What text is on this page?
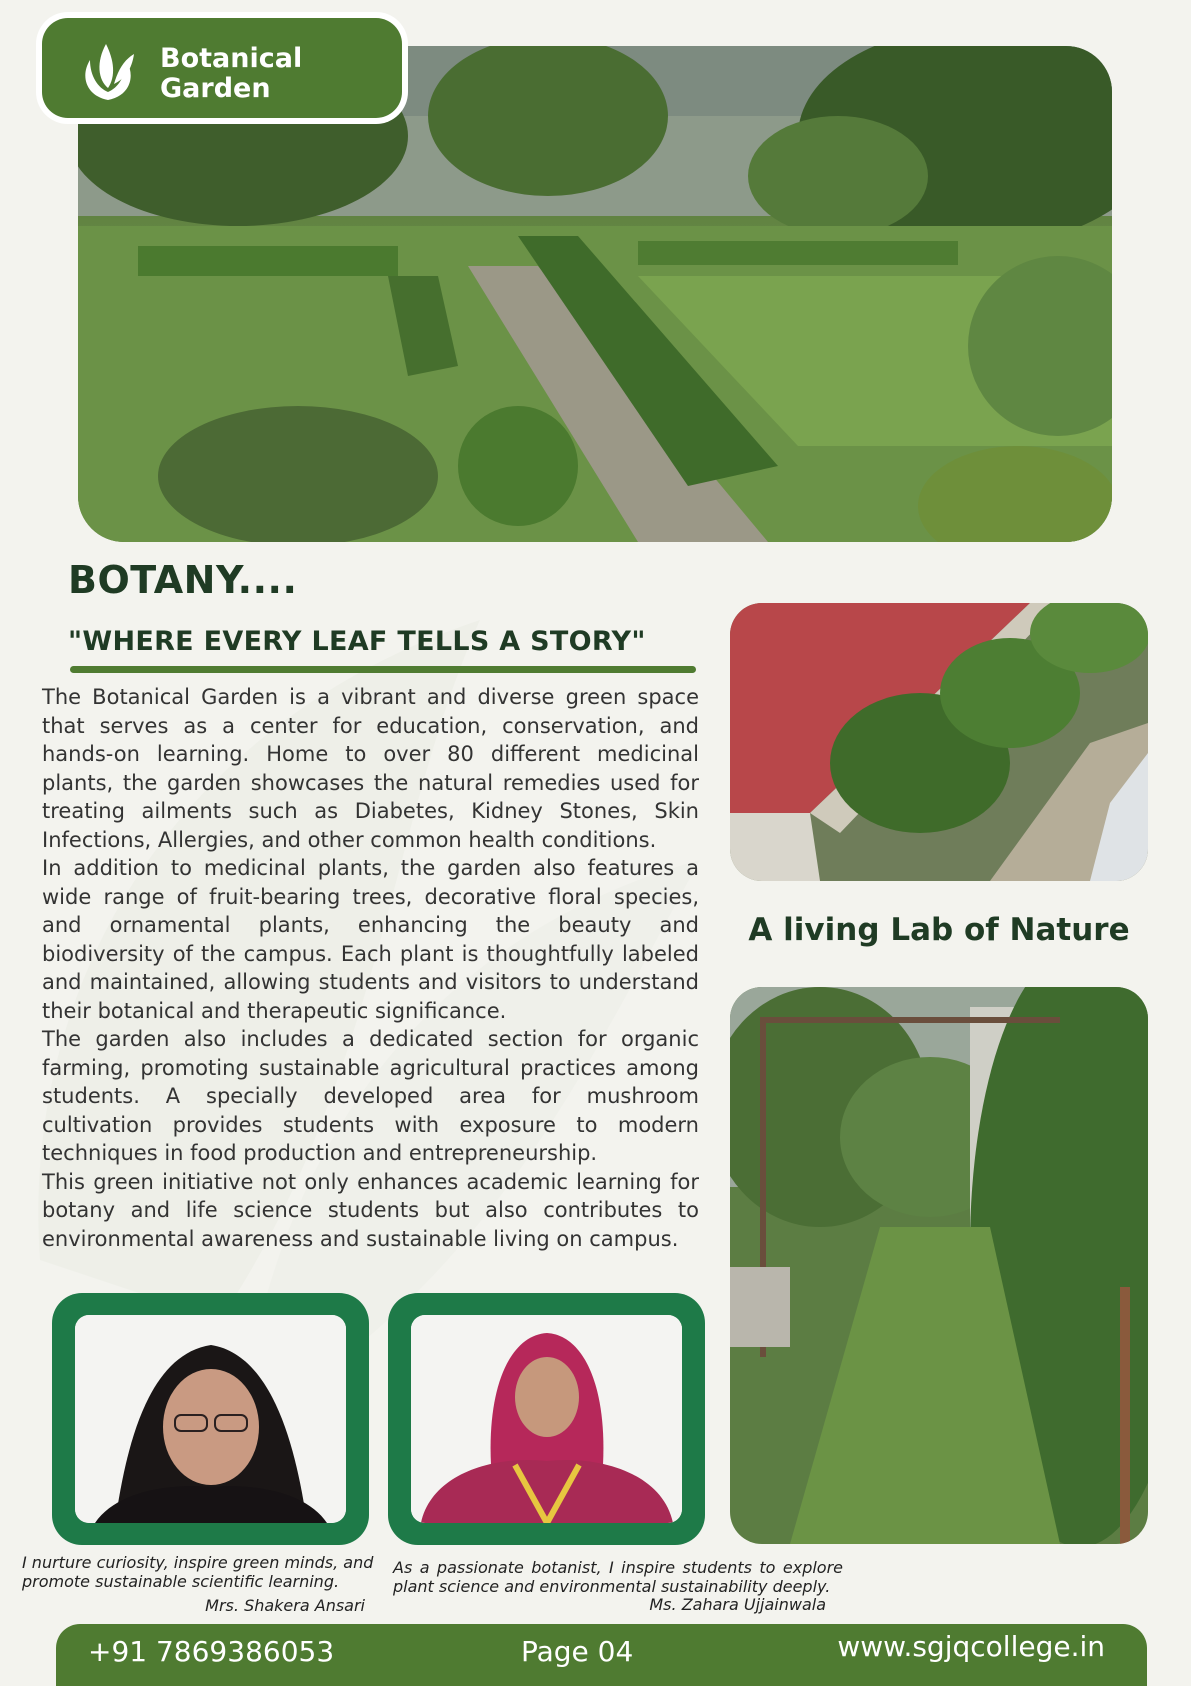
Botanical
Garden
BOTANY....
"WHERE EVERY LEAF TELLS A STORY"

The Botanical Garden is a vibrant and diverse green space that serves as a center for education, conservation, and hands-on learning. Home to over 80 different medicinal plants, the garden showcases the natural remedies used for treating ailments such as Diabetes, Kidney Stones, Skin Infections, Allergies, and other common health conditions.

In addition to medicinal plants, the garden also features a wide range of fruit-bearing trees, decorative floral species, and ornamental plants, enhancing the beauty and biodiversity of the campus. Each plant is thoughtfully labeled and maintained, allowing students and visitors to understand their botanical and therapeutic significance.

The garden also includes a dedicated section for organic farming, promoting sustainable agricultural practices among students. A specially developed area for mushroom cultivation provides students with exposure to modern techniques in food production and entrepreneurship.

This green initiative not only enhances academic learning for botany and life science students but also contributes to environmental awareness and sustainable living on campus.

A living Lab of Nature
I nurture curiosity, inspire green minds, and promote sustainable scientific learning.
Mrs. Shakera Ansari
As a passionate botanist, I inspire students to explore plant science and environmental sustainability deeply.
Ms. Zahara Ujjainwala
+91 7869386053	Page 04	www.sgjqcollege.in
